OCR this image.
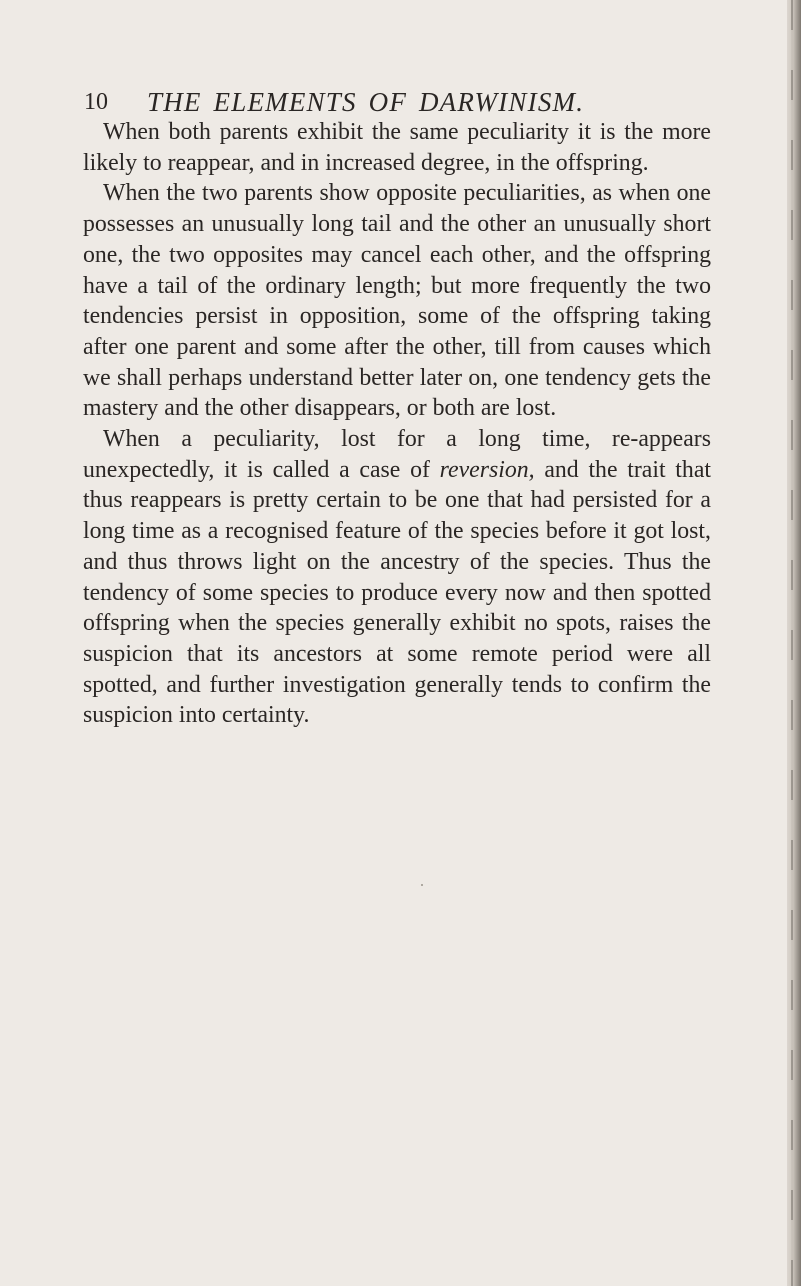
10 THE ELEMENTS OF DARWINISM.

When both parents exhibit the same peculiarity it is the more likely to reappear, and in increased degree, in the offspring.

When the two parents show opposite peculiarities, as when one possesses an unusually long tail and the other an unusually short one, the two opposites may cancel each other, and the offspring have a tail of the ordinary length; but more frequently the two tendencies persist in opposition, some of the offspring taking after one parent and some after the other, till from causes which we shall perhaps understand better later on, one tendency gets the mastery and the other disappears, or both are lost.

When a peculiarity, lost for a long time, re-appears unexpectedly, it is called a case of reversion, and the trait that thus reappears is pretty certain to be one that had persisted for a long time as a recognised feature of the species before it got lost, and thus throws light on the ancestry of the species. Thus the tendency of some species to produce every now and then spotted offspring when the species generally exhibit no spots, raises the suspicion that its ancestors at some remote period were all spotted, and further investigation generally tends to confirm the suspicion into certainty.
